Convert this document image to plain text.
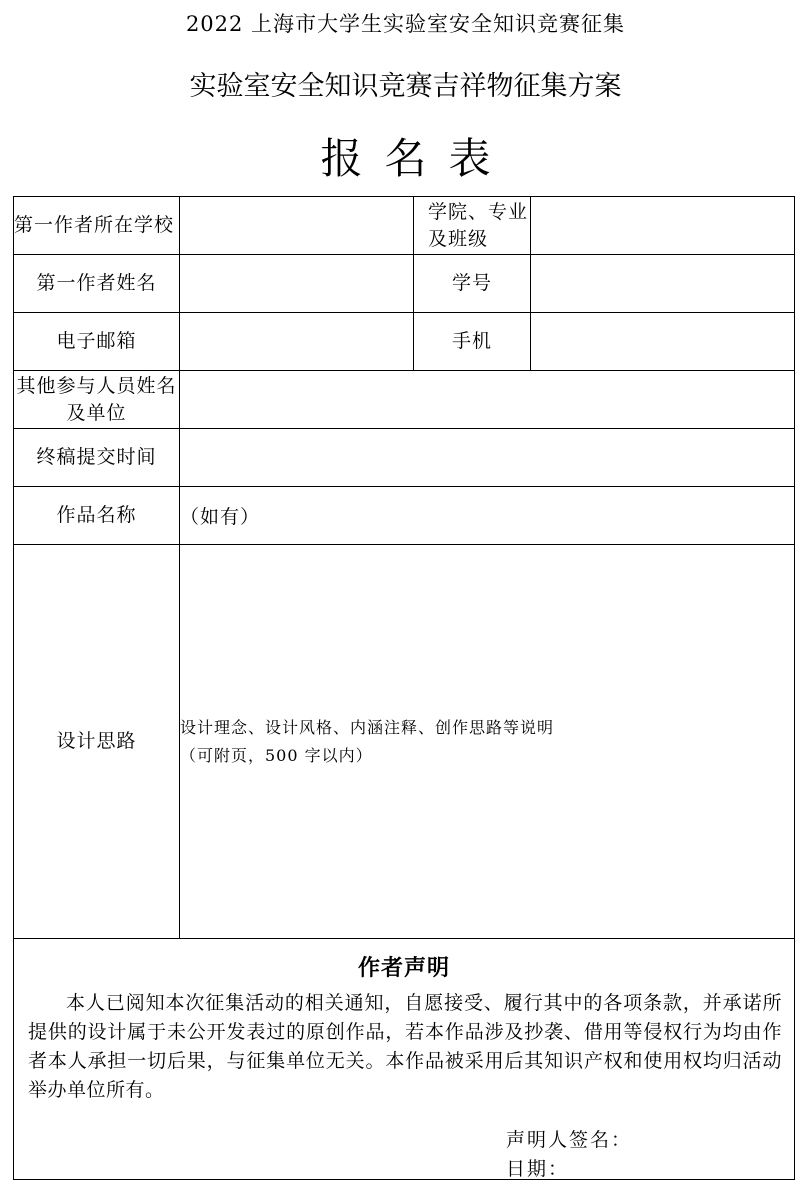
2022 上海市大学生实验室安全知识竞赛征集
实验室安全知识竞赛吉祥物征集方案
报名表
第一作者所在学校		学院、专业及班级	
第一作者姓名		学号	
电子邮箱		手机	
其他参与人员姓名及单位			
终稿提交时间			
作品名称	（如有）		
设计思路	设计理念、设计风格、内涵注释、创作思路等说明
（可附页，500 字以内）		

作者声明
本人已阅知本次征集活动的相关通知，自愿接受、履行其中的各项条款，并承诺所提供的设计属于未公开发表过的原创作品，若本作品涉及抄袭、借用等侵权行为均由作者本人承担一切后果，与征集单位无关。本作品被采用后其知识产权和使用权均归活动举办单位所有。
声明人签名：
日期：			
